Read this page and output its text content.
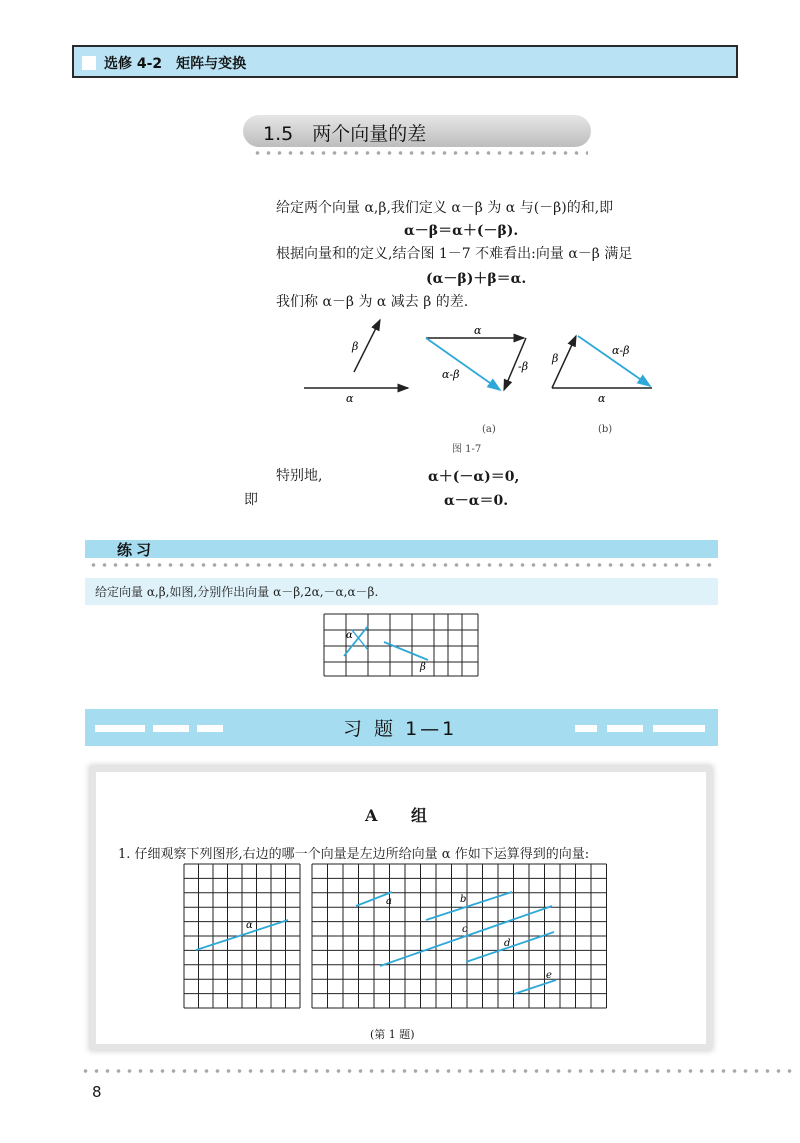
选修 4-2　矩阵与变换
1.5　两个向量的差
给定两个向量 α,β,我们定义 α－β 为 α 与(－β)的和,即
α－β＝α＋(－β).
根据向量和的定义,结合图 1－7 不难看出:向量 α－β 满足
(α－β)＋β＝α.
我们称 α－β 为 α 减去 β 的差.
α
β
α
-β
α-β
α
β
α-β
(a)	(b)
图 1-7
特别地,	α＋(－α)＝0,
即	α－α＝0.
练习
给定向量 α,β,如图,分别作出向量 α－β,2α,－α,α－β.
α
β
习 题 1—1
A 组
1. 仔细观察下列图形,右边的哪一个向量是左边所给向量 α 作如下运算得到的向量:
α
a	b
c
d
e
(第 1 题)
8
